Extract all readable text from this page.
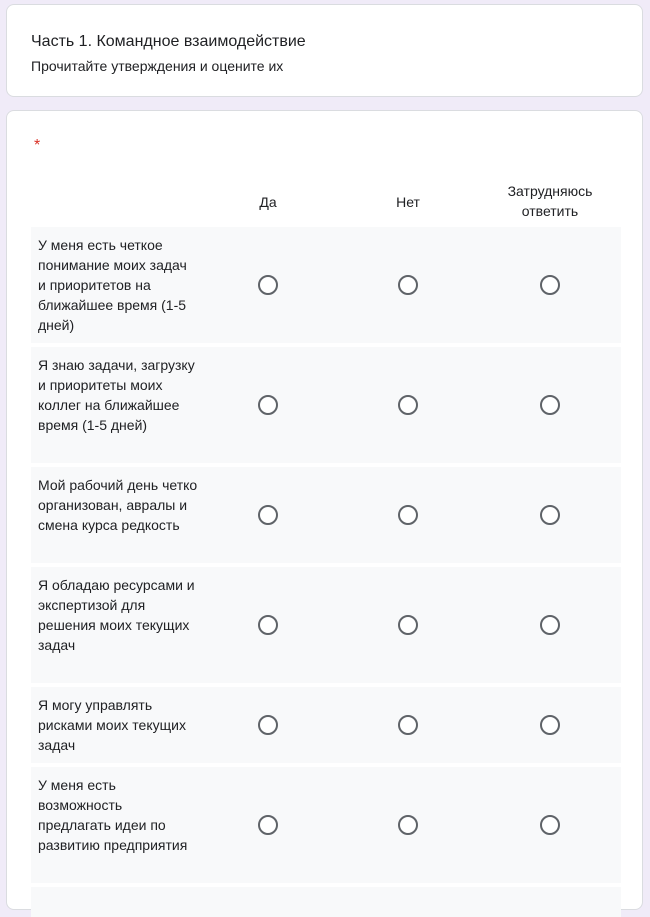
Часть 1. Командное взаимодействие
Прочитайте утверждения и оцените их
*
Да	Нет
Затрудняюсь ответить
У меня есть четкое понимание моих задач и приоритетов на ближайшее время (1-5 дней)
Я знаю задачи, загрузку и приоритеты моих коллег на ближайшее время (1-5 дней)
Мой рабочий день четко организован, авралы и смена курса редкость
Я обладаю ресурсами и экспертизой для решения моих текущих задач
Я могу управлять рисками моих текущих задач
У меня есть возможность предлагать идеи по развитию предприятия
